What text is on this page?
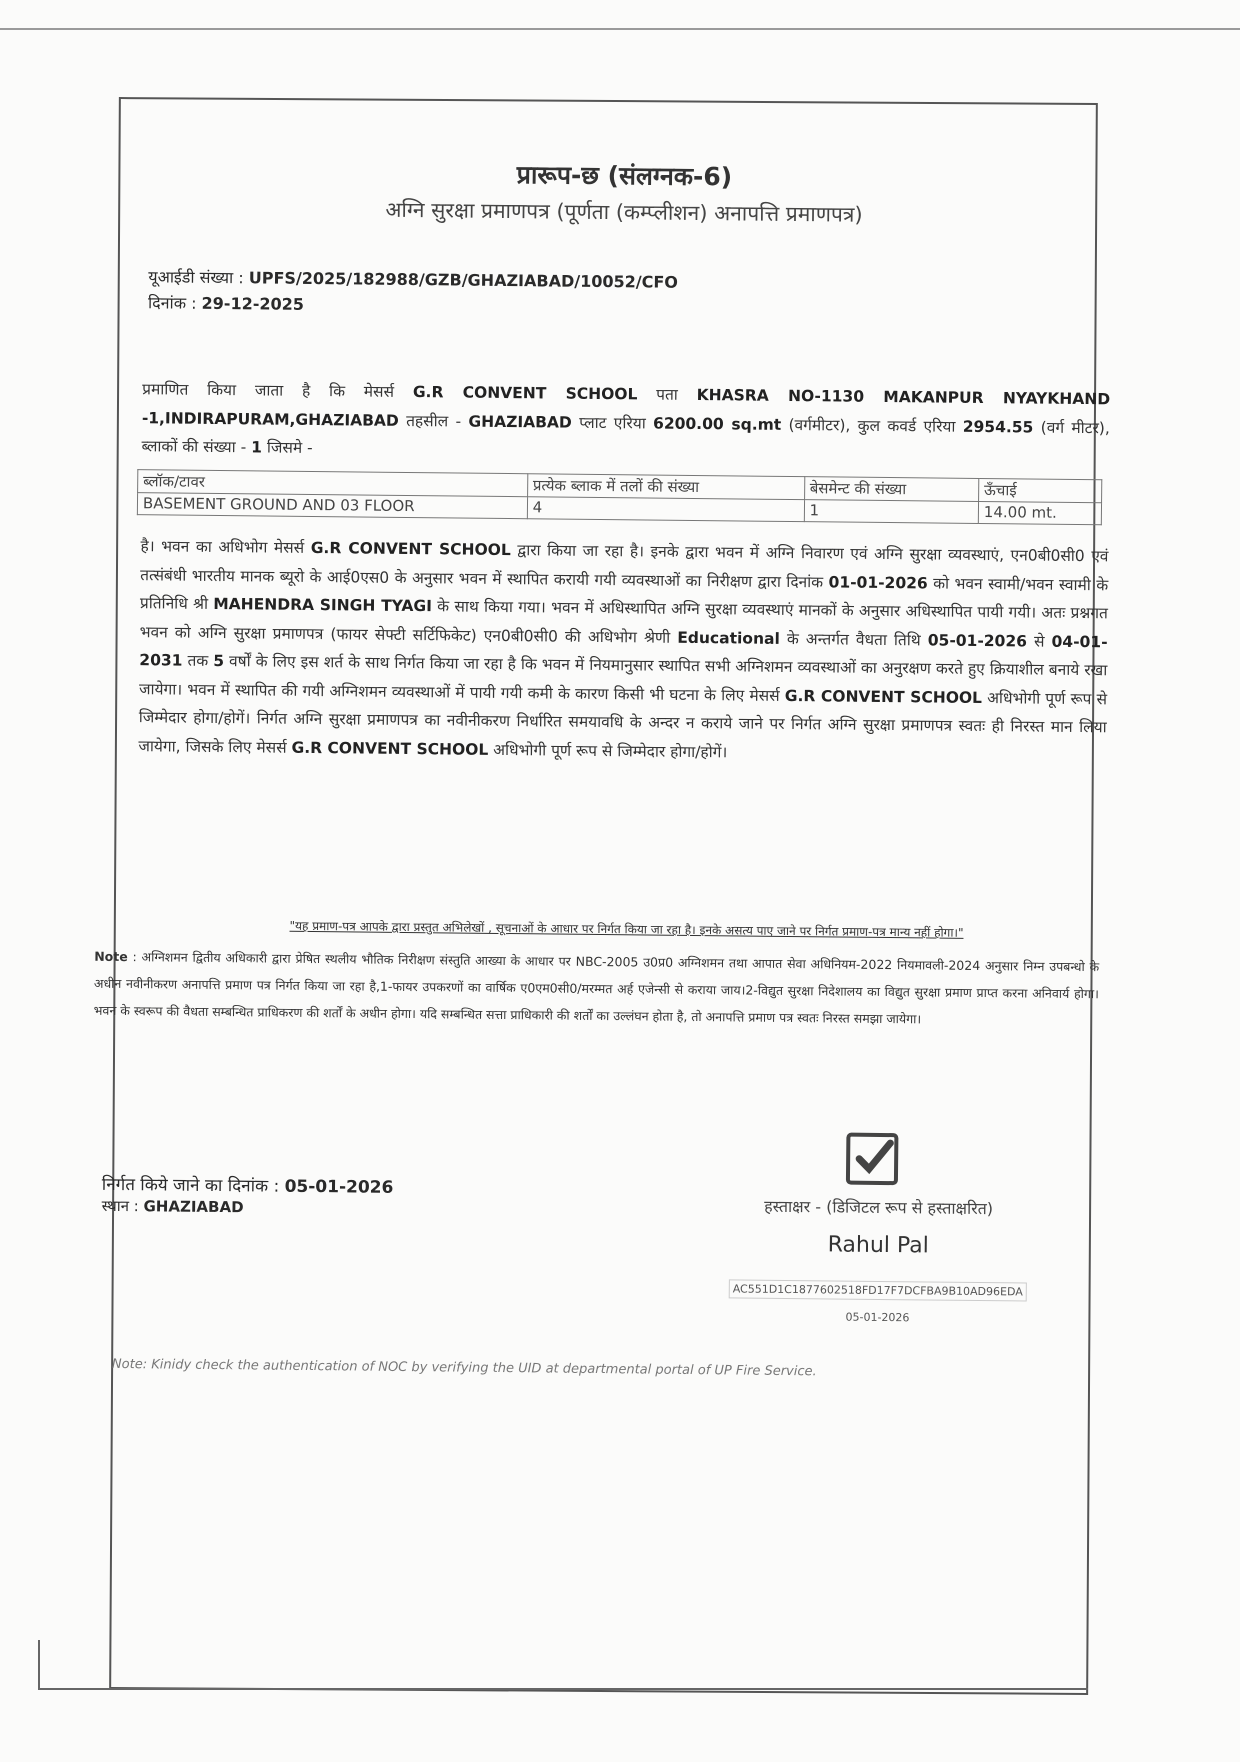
प्रारूप-छ (संलग्नक-6)
अग्नि सुरक्षा प्रमाणपत्र (पूर्णता (कम्प्लीशन) अनापत्ति प्रमाणपत्र)
यूआईडी संख्या : UPFS/2025/182988/GZB/GHAZIABAD/10052/CFO
दिनांक : 29-12-2025
प्रमाणित किया जाता है कि मेसर्स G.R CONVENT SCHOOL पता KHASRA NO-1130 MAKANPUR NYAYKHAND -1,INDIRAPURAM,GHAZIABAD तहसील - GHAZIABAD प्लाट एरिया 6200.00 sq.mt (वर्गमीटर), कुल कवर्ड एरिया 2954.55 (वर्ग मीटर), ब्लाकों की संख्या - 1 जिसमे -
ब्लॉक/टावर	प्रत्येक ब्लाक में तलों की संख्या	बेसमेन्ट की संख्या	ऊँचाई
BASEMENT GROUND AND 03 FLOOR	4	1	14.00 mt.
है। भवन का अधिभोग मेसर्स G.R CONVENT SCHOOL द्वारा किया जा रहा है। इनके द्वारा भवन में अग्नि निवारण एवं अग्नि सुरक्षा व्यवस्थाएं, एन0बी0सी0 एवं तत्संबंधी भारतीय मानक ब्यूरो के आई0एस0 के अनुसार भवन में स्थापित करायी गयी व्यवस्थाओं का निरीक्षण द्वारा दिनांक 01-01-2026 को भवन स्वामी/भवन स्वामी के प्रतिनिधि श्री MAHENDRA SINGH TYAGI के साथ किया गया। भवन में अधिस्थापित अग्नि सुरक्षा व्यवस्थाएं मानकों के अनुसार अधिस्थापित पायी गयी। अतः प्रश्नगत भवन को अग्नि सुरक्षा प्रमाणपत्र (फायर सेफ्टी सर्टिफिकेट) एन0बी0सी0 की अधिभोग श्रेणी Educational के अन्तर्गत वैधता तिथि 05-01-2026 से 04-01-2031 तक 5 वर्षों के लिए इस शर्त के साथ निर्गत किया जा रहा है कि भवन में नियमानुसार स्थापित सभी अग्निशमन व्यवस्थाओं का अनुरक्षण करते हुए क्रियाशील बनाये रखा जायेगा। भवन में स्थापित की गयी अग्निशमन व्यवस्थाओं में पायी गयी कमी के कारण किसी भी घटना के लिए मेसर्स G.R CONVENT SCHOOL अधिभोगी पूर्ण रूप से जिम्मेदार होगा/होगें। निर्गत अग्नि सुरक्षा प्रमाणपत्र का नवीनीकरण निर्धारित समयावधि के अन्दर न कराये जाने पर निर्गत अग्नि सुरक्षा प्रमाणपत्र स्वतः ही निरस्त मान लिया जायेगा, जिसके लिए मेसर्स G.R CONVENT SCHOOL अधिभोगी पूर्ण रूप से जिम्मेदार होगा/होगें।
"यह प्रमाण-पत्र आपके द्वारा प्रस्तुत अभिलेखों , सूचनाओं के आधार पर निर्गत किया जा रहा है। इनके असत्य पाए जाने पर निर्गत प्रमाण-पत्र मान्य नहीं होगा।"
Note : अग्निशमन द्वितीय अधिकारी द्वारा प्रेषित स्थलीय भौतिक निरीक्षण संस्तुति आख्या के आधार पर NBC-2005 उ0प्र0 अग्निशमन तथा आपात सेवा अधिनियम-2022 नियमावली-2024 अनुसार निम्न उपबन्धो के अधीन नवीनीकरण अनापत्ति प्रमाण पत्र निर्गत किया जा रहा है,1-फायर उपकरणों का वार्षिक ए0एम0सी0/मरम्मत अर्ह एजेन्सी से कराया जाय।2-विद्युत सुरक्षा निदेशालय का विद्युत सुरक्षा प्रमाण प्राप्त करना अनिवार्य होगा। भवन के स्वरूप की वैधता सम्बन्धित प्राधिकरण की शर्तों के अधीन होगा। यदि सम्बन्धित सत्ता प्राधिकारी की शर्तों का उल्लंघन होता है, तो अनापत्ति प्रमाण पत्र स्वतः निरस्त समझा जायेगा।
निर्गत किये जाने का दिनांक : 05-01-2026
स्थान : GHAZIABAD	हस्ताक्षर - (डिजिटल रूप से हस्ताक्षरित)
Rahul Pal
AC551D1C1877602518FD17F7DCFBA9B10AD96EDA
05-01-2026
Note: Kinidy check the authentication of NOC by verifying the UID at departmental portal of UP Fire Service.
